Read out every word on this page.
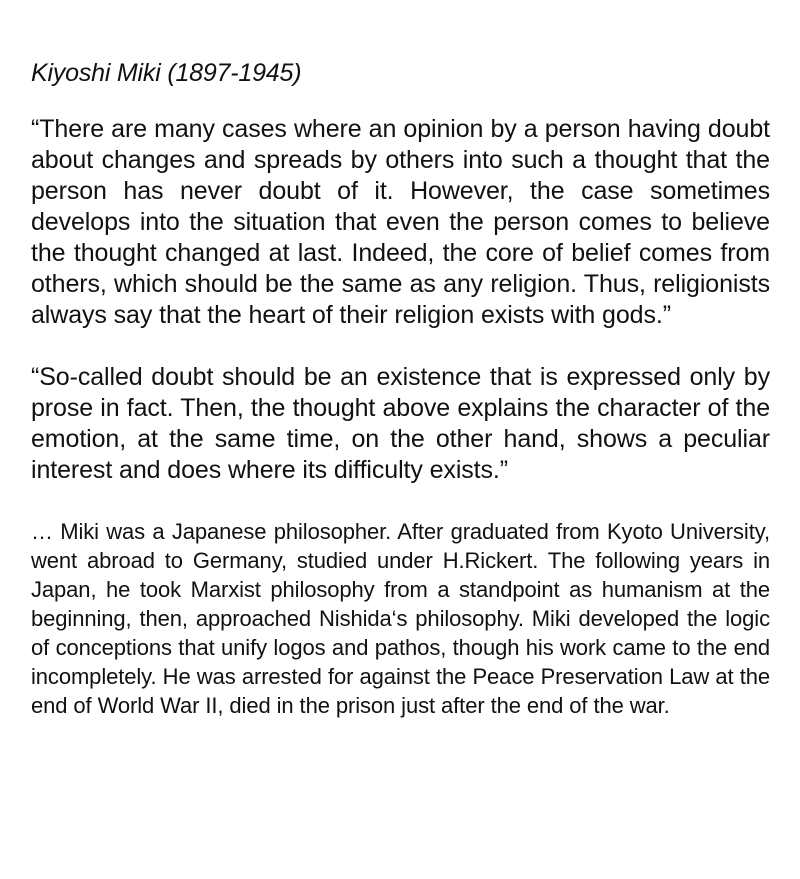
Kiyoshi Miki (1897-1945)

“There are many cases where an opinion by a person having doubt about changes and spreads by others into such a thought that the person has never doubt of it. However, the case sometimes develops into the situation that even the person comes to believe the thought changed at last. Indeed, the core of belief comes from others, which should be the same as any religion. Thus, religionists always say that the heart of their religion exists with gods.”

“So-called doubt should be an existence that is expressed only by prose in fact. Then, the thought above explains the character of the emotion, at the same time, on the other hand, shows a peculiar interest and does where its difficulty exists.”

… Miki was a Japanese philosopher. After graduated from Kyoto University, went abroad to Germany, studied under H.Rickert. The following years in Japan, he took Marxist philosophy from a standpoint as humanism at the beginning, then, approached Nishida‘s philosophy. Miki developed the logic of conceptions that unify logos and pathos, though his work came to the end incompletely. He was arrested for against the Peace Preservation Law at the end of World War II, died in the prison just after the end of the war.
